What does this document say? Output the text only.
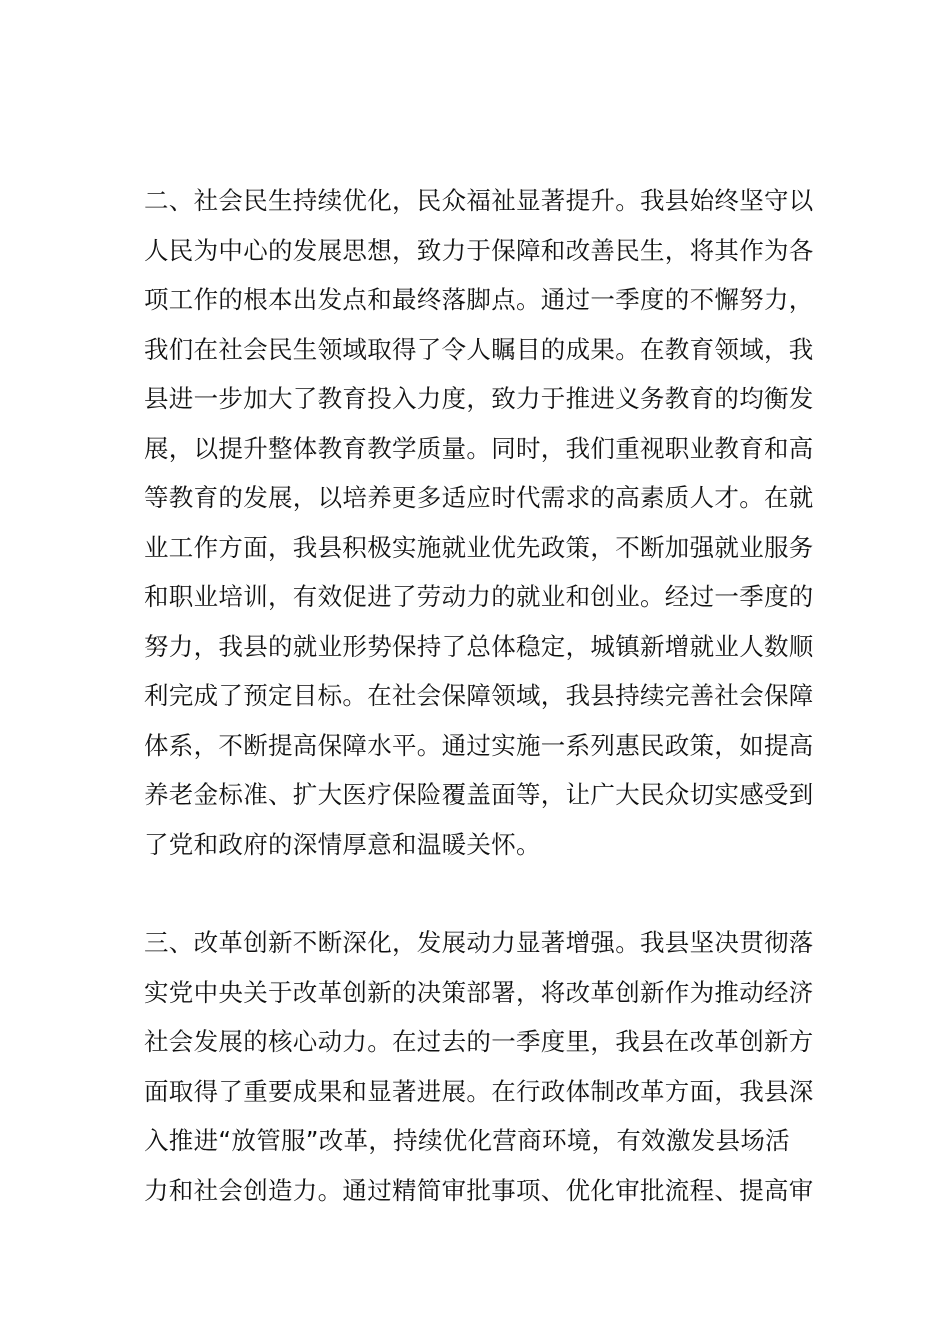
二、社会民生持续优化，民众福祉显著提升。我县始终坚守以
人民为中心的发展思想，致力于保障和改善民生，将其作为各
项工作的根本出发点和最终落脚点。通过一季度的不懈努力，
我们在社会民生领域取得了令人瞩目的成果。在教育领域，我
县进一步加大了教育投入力度，致力于推进义务教育的均衡发
展，以提升整体教育教学质量。同时，我们重视职业教育和高
等教育的发展，以培养更多适应时代需求的高素质人才。在就
业工作方面，我县积极实施就业优先政策，不断加强就业服务
和职业培训，有效促进了劳动力的就业和创业。经过一季度的
努力，我县的就业形势保持了总体稳定，城镇新增就业人数顺
利完成了预定目标。在社会保障领域，我县持续完善社会保障
体系，不断提高保障水平。通过实施一系列惠民政策，如提高
养老金标准、扩大医疗保险覆盖面等，让广大民众切实感受到
了党和政府的深情厚意和温暖关怀。
三、改革创新不断深化，发展动力显著增强。我县坚决贯彻落
实党中央关于改革创新的决策部署，将改革创新作为推动经济
社会发展的核心动力。在过去的一季度里，我县在改革创新方
面取得了重要成果和显著进展。在行政体制改革方面，我县深
入推进“放管服”改革，持续优化营商环境，有效激发县场活
力和社会创造力。通过精简审批事项、优化审批流程、提高审
